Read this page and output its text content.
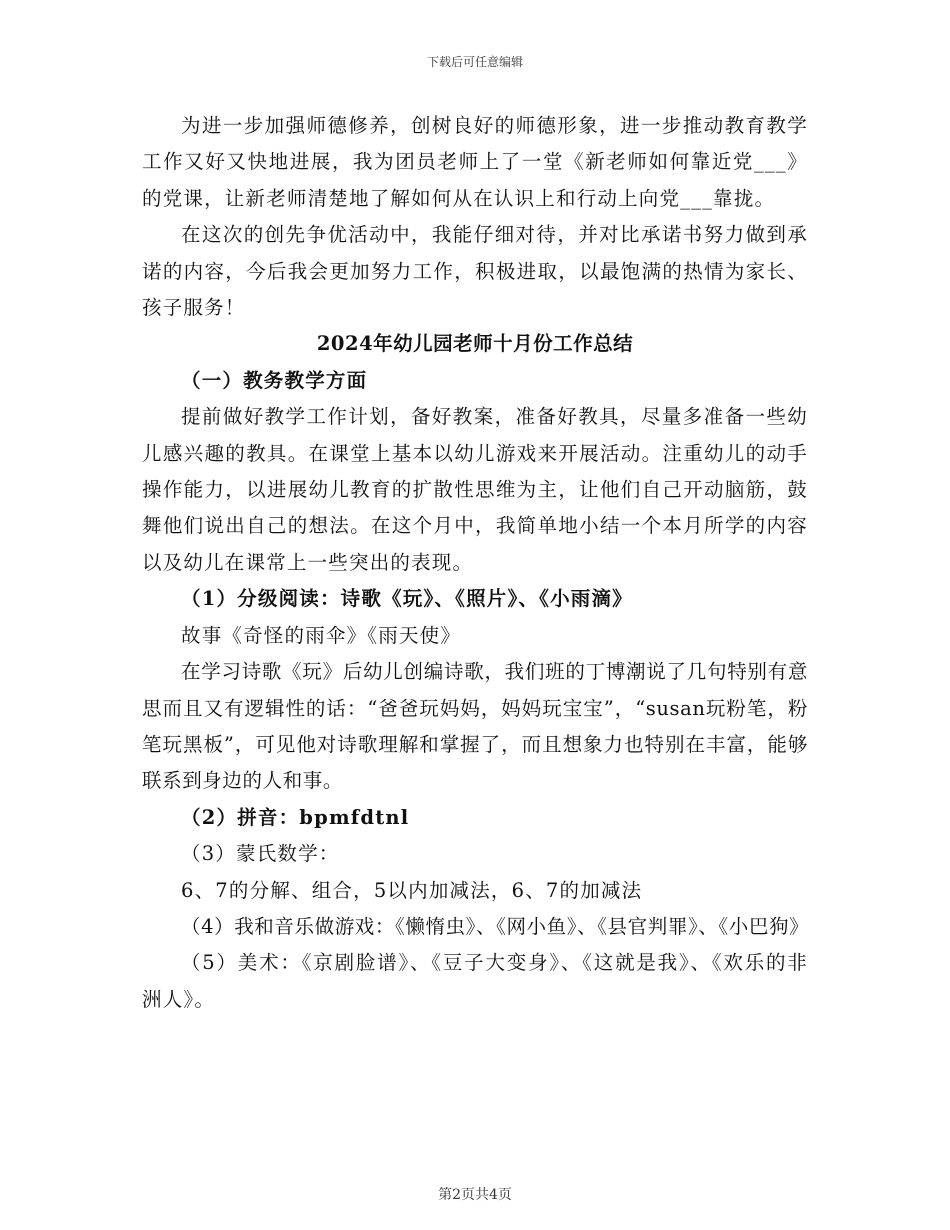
下载后可任意编辑

为进一步加强师德修养，创树良好的师德形象，进一步推动教育教学工作又好又快地进展，我为团员老师上了一堂《新老师如何靠近党___》的党课，让新老师清楚地了解如何从在认识上和行动上向党___靠拢。

在这次的创先争优活动中，我能仔细对待，并对比承诺书努力做到承诺的内容，今后我会更加努力工作，积极进取，以最饱满的热情为家长、孩子服务！

2024年幼儿园老师十月份工作总结

（一）教务教学方面

提前做好教学工作计划，备好教案，准备好教具，尽量多准备一些幼儿感兴趣的教具。在课堂上基本以幼儿游戏来开展活动。注重幼儿的动手操作能力，以进展幼儿教育的扩散性思维为主，让他们自己开动脑筋，鼓舞他们说出自己的想法。在这个月中，我简单地小结一个本月所学的内容以及幼儿在课常上一些突出的表现。

（1）分级阅读：诗歌《玩》、《照片》、《小雨滴》

故事《奇怪的雨伞》《雨天使》

在学习诗歌《玩》后幼儿创编诗歌，我们班的丁博潮说了几句特别有意思而且又有逻辑性的话：“爸爸玩妈妈，妈妈玩宝宝”，“susan玩粉笔，粉笔玩黑板”，可见他对诗歌理解和掌握了，而且想象力也特别在丰富，能够联系到身边的人和事。

（2）拼音：bpmfdtnl

（3）蒙氏数学：

6、7的分解、组合，5以内加减法，6、7的加减法

（4）我和音乐做游戏：《懒惰虫》、《网小鱼》、《县官判罪》、《小巴狗》

（5）美术：《京剧脸谱》、《豆子大变身》、《这就是我》、《欢乐的非洲人》。

第2页共4页
